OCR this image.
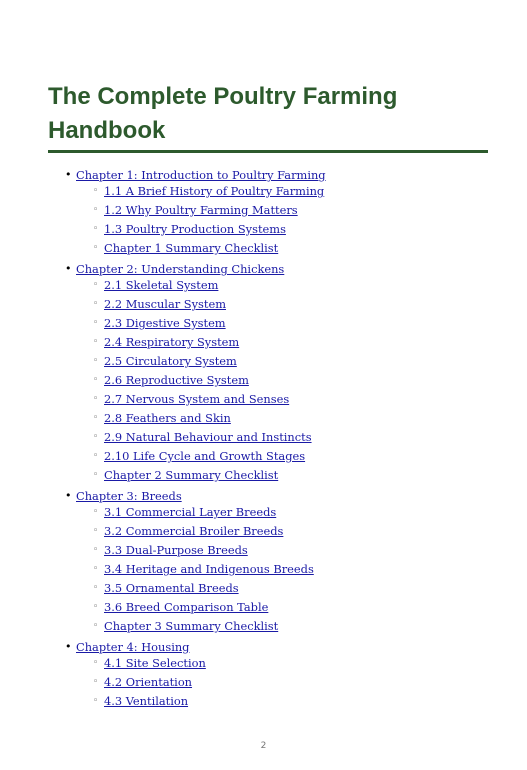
The Complete Poultry Farming Handbook
• Chapter 1: Introduction to Poultry Farming
◦ 1.1 A Brief History of Poultry Farming
◦ 1.2 Why Poultry Farming Matters
◦ 1.3 Poultry Production Systems
◦ Chapter 1 Summary Checklist
• Chapter 2: Understanding Chickens
◦ 2.1 Skeletal System
◦ 2.2 Muscular System
◦ 2.3 Digestive System
◦ 2.4 Respiratory System
◦ 2.5 Circulatory System
◦ 2.6 Reproductive System
◦ 2.7 Nervous System and Senses
◦ 2.8 Feathers and Skin
◦ 2.9 Natural Behaviour and Instincts
◦ 2.10 Life Cycle and Growth Stages
◦ Chapter 2 Summary Checklist
• Chapter 3: Breeds
◦ 3.1 Commercial Layer Breeds
◦ 3.2 Commercial Broiler Breeds
◦ 3.3 Dual-Purpose Breeds
◦ 3.4 Heritage and Indigenous Breeds
◦ 3.5 Ornamental Breeds
◦ 3.6 Breed Comparison Table
◦ Chapter 3 Summary Checklist
• Chapter 4: Housing
◦ 4.1 Site Selection
◦ 4.2 Orientation
◦ 4.3 Ventilation
2
